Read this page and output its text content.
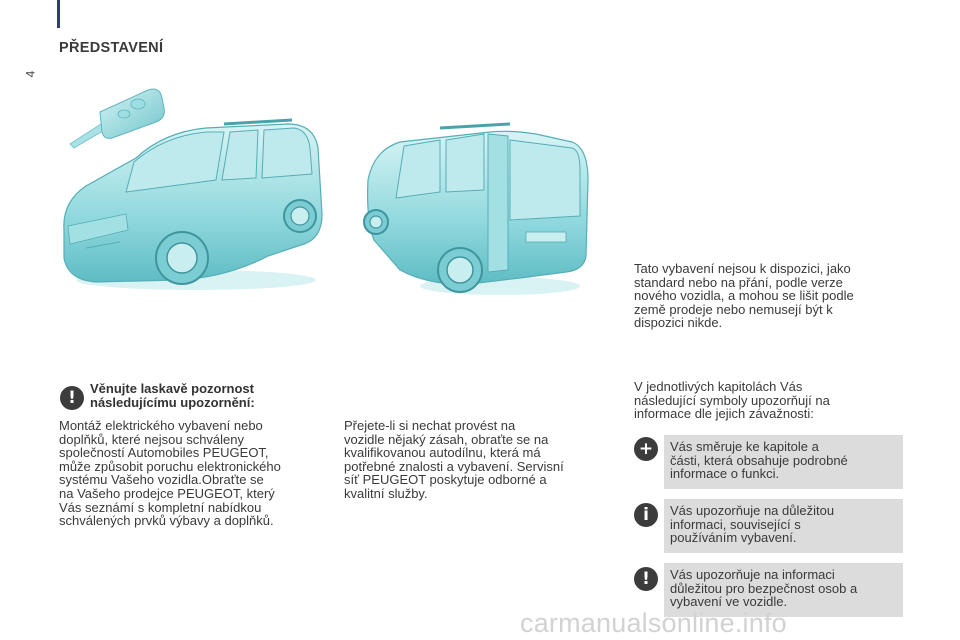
4
PŘEDSTAVENÍ
Tato vybavení nejsou k dispozici, jako
standard nebo na přání, podle verze
nového vozidla, a mohou se lišit podle
země prodeje nebo nemusejí být k
dispozici nikde.
!	Věnujte laskavě pozornost
následujícímu upozornění:
Montáž elektrického vybavení nebo
doplňků, které nejsou schváleny
společností Automobiles PEUGEOT,
může způsobit poruchu elektronického
systému Vašeho vozidla.Obraťte se
na Vašeho prodejce PEUGEOT, který
Vás seznámí s kompletní nabídkou
schválených prvků výbavy a doplňků.
Přejete-li si nechat provést na
vozidle nějaký zásah, obraťte se na
kvalifikovanou autodílnu, která má
potřebné znalosti a vybavení. Servisní
síť PEUGEOT poskytuje odborné a
kvalitní služby.
V jednotlivých kapitolách Vás
následující symboly upozorňují na
informace dle jejich závažnosti:
+	Vás směruje ke kapitole a
části, která obsahuje podrobné
informace o funkci.
i	Vás upozorňuje na důležitou
informaci, související s
používáním vybavení.
!	Vás upozorňuje na informaci
důležitou pro bezpečnost osob a
vybavení ve vozidle.
carmanualsonline.info
